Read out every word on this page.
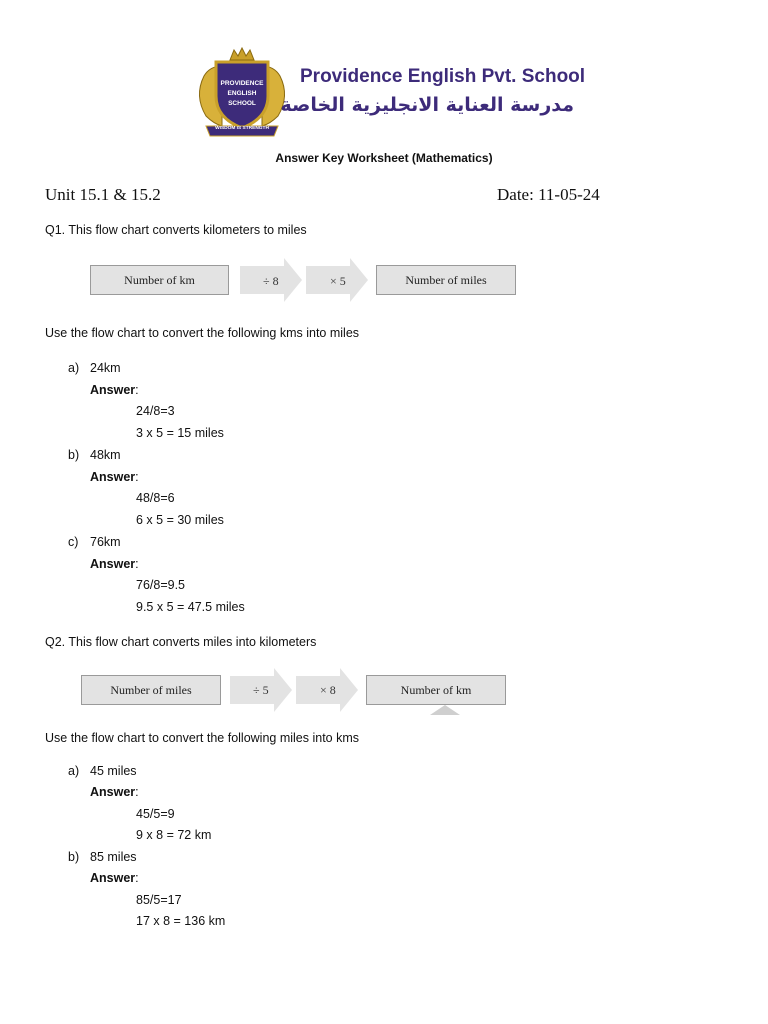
PROVIDENCE
ENGLISH
SCHOOL
WISDOM IS STRENGTH
Providence English Pvt. School
مدرسة العناية الانجليزية الخاصة
Answer Key Worksheet (Mathematics)
Unit 15.1 & 15.2	Date: 11-05-24
Q1. This flow chart converts kilometers to miles
Number of km	÷ 8	× 5	Number of miles
Use the flow chart to convert the following kms into miles
a) 24km
Answer:
24/8=3
3 x 5 = 15 miles
b) 48km
Answer:
48/8=6
6 x 5 = 30 miles
c) 76km
Answer:
76/8=9.5
9.5 x 5 = 47.5 miles
Q2. This flow chart converts miles into kilometers
Number of miles	÷ 5	× 8	Number of km
Use the flow chart to convert the following miles into kms
a) 45 miles
Answer:
45/5=9
9 x 8 = 72 km
b) 85 miles
Answer:
85/5=17
17 x 8 = 136 km
